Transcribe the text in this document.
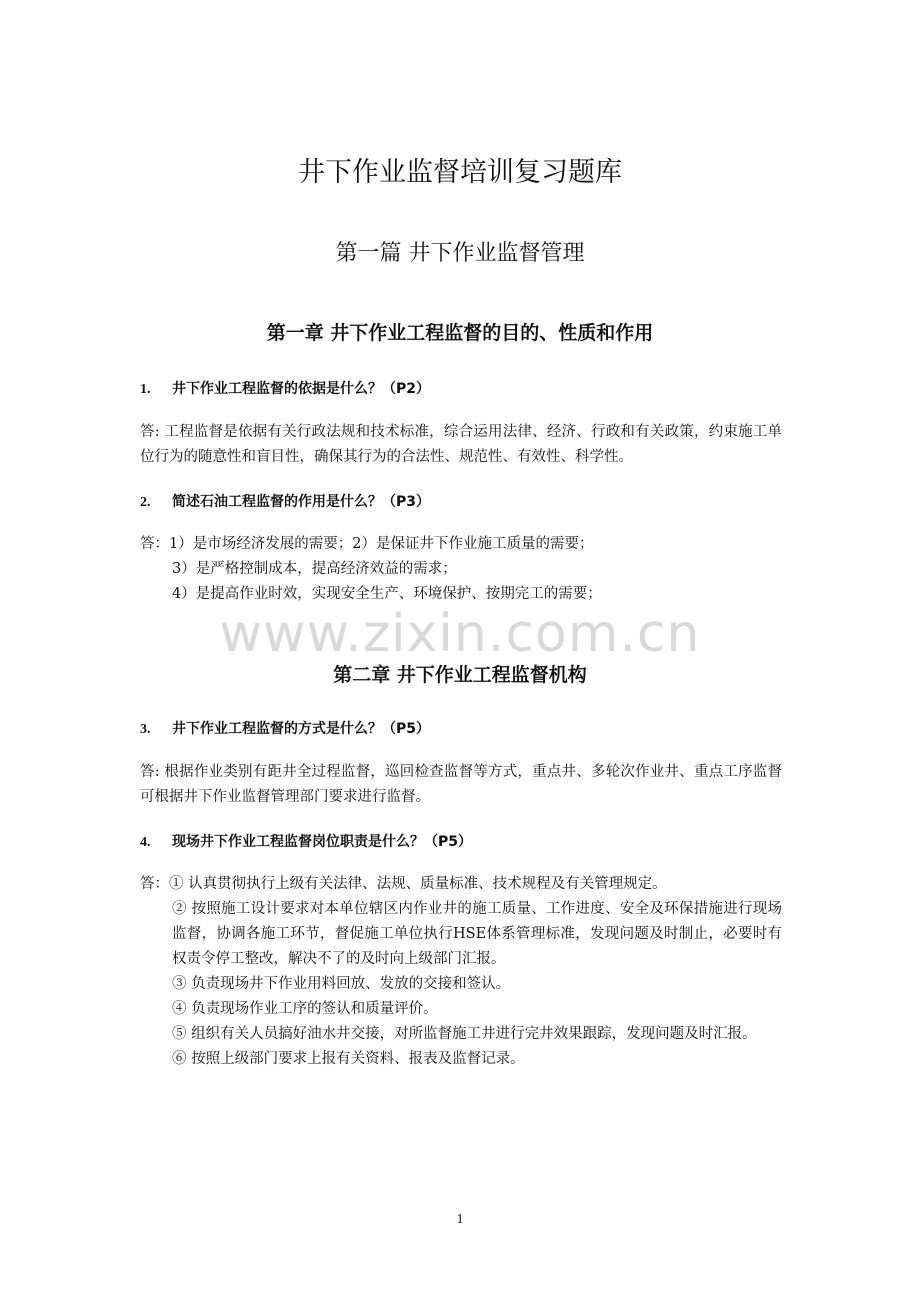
井下作业监督培训复习题库
第一篇 井下作业监督管理
第一章 井下作业工程监督的目的、性质和作用
1. 井下作业工程监督的依据是什么？（P2）

答: 工程监督是依据有关行政法规和技术标准，综合运用法律、经济、行政和有关政策，约束施工单位行为的随意性和盲目性，确保其行为的合法性、规范性、有效性、科学性。

2. 简述石油工程监督的作用是什么？（P3）

答：1）是市场经济发展的需要；2）是保证井下作业施工质量的需要；

3）是严格控制成本，提高经济效益的需求；

4）是提高作业时效，实现安全生产、环境保护、按期完工的需要；

www.zixin.com.cn
第二章 井下作业工程监督机构
3. 井下作业工程监督的方式是什么？（P5）

答: 根据作业类别有距井全过程监督，巡回检查监督等方式，重点井、多轮次作业井、重点工序监督可根据井下作业监督管理部门要求进行监督。

4. 现场井下作业工程监督岗位职责是什么？（P5）

答：① 认真贯彻执行上级有关法律、法规、质量标准、技术规程及有关管理规定。

② 按照施工设计要求对本单位辖区内作业井的施工质量、工作进度、安全及环保措施进行现场监督，协调各施工环节，督促施工单位执行HSE体系管理标准，发现问题及时制止，必要时有权责令停工整改，解决不了的及时向上级部门汇报。

③ 负责现场井下作业用料回放、发放的交接和签认。

④ 负责现场作业工序的签认和质量评价。

⑤ 组织有关人员搞好油水井交接，对所监督施工井进行完井效果跟踪，发现问题及时汇报。

⑥ 按照上级部门要求上报有关资料、报表及监督记录。

1
